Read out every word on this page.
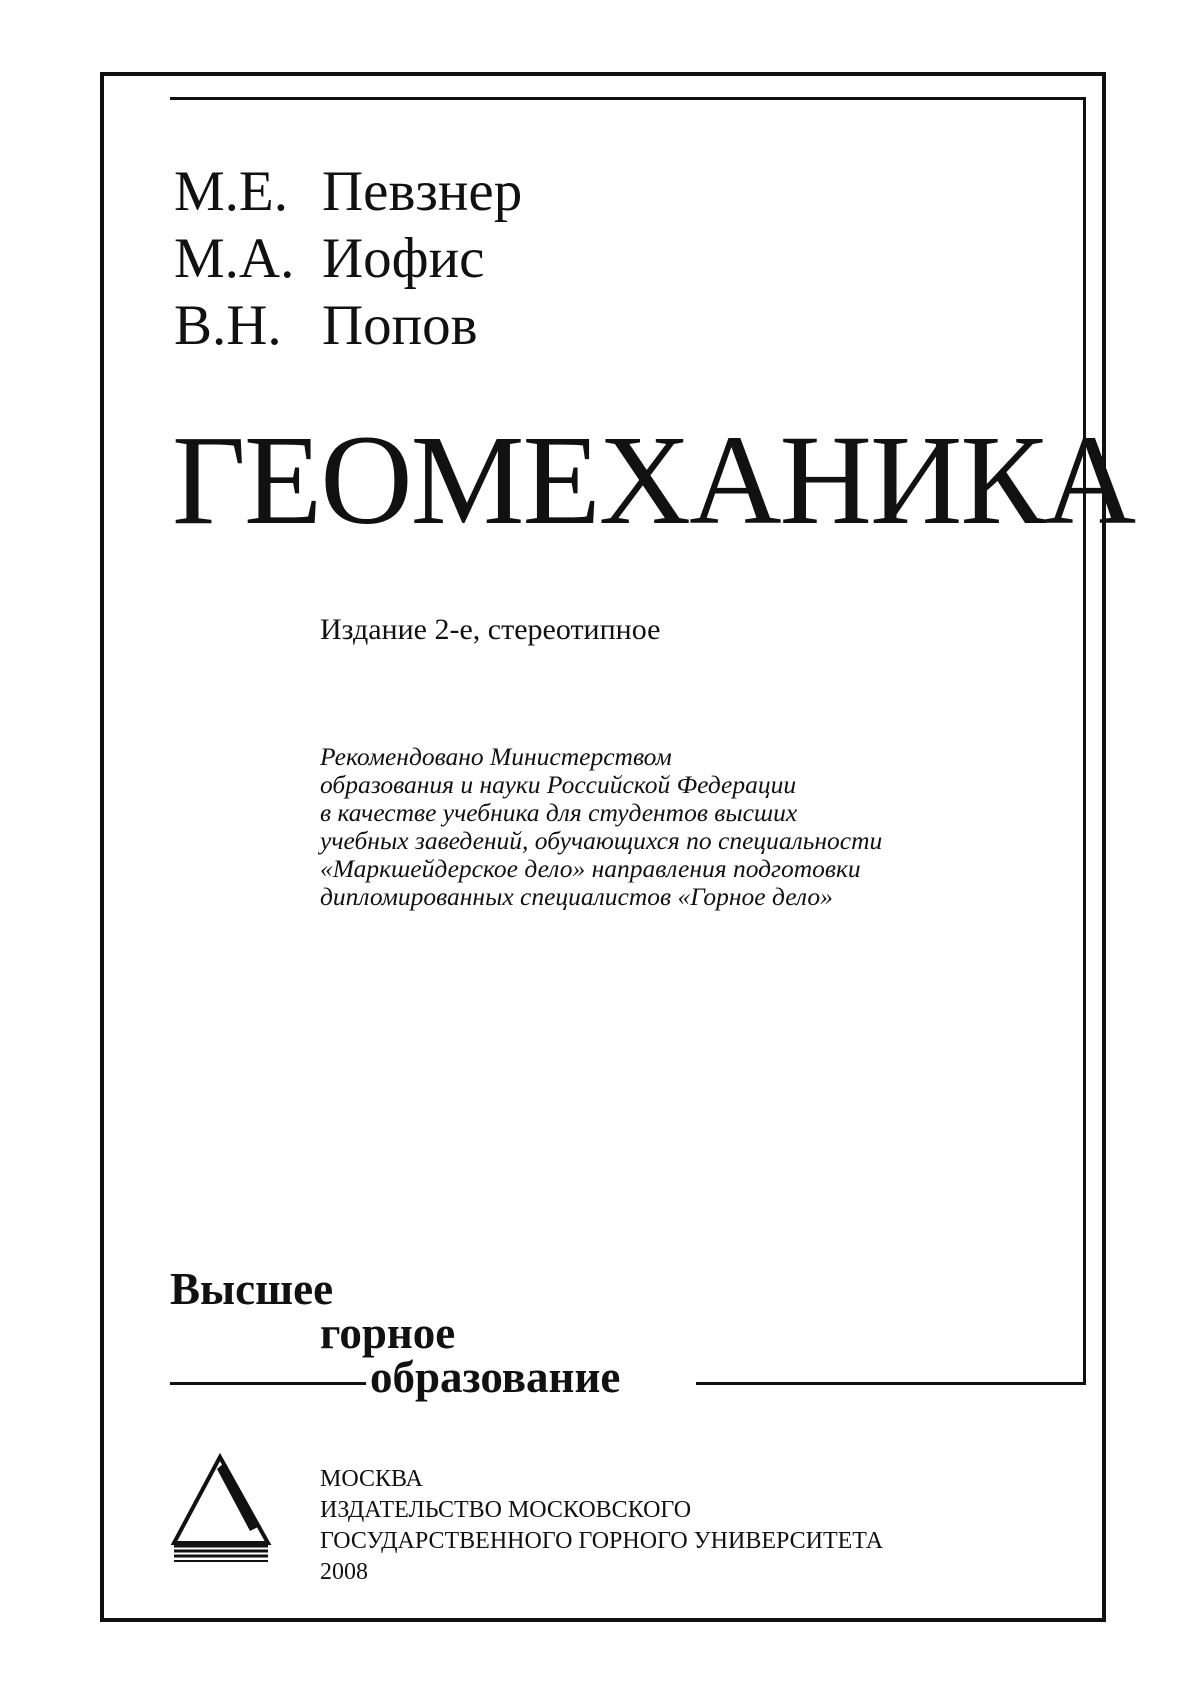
М.Е. Певзнер
М.А. Иофис
В.Н. Попов
ГЕОМЕХАНИКА
Издание 2-е, стереотипное
Рекомендовано Министерством
образования и науки Российской Федерации
в качестве учебника для студентов высших
учебных заведений, обучающихся по специальности
«Маркшейдерское дело» направления подготовки
дипломированных специалистов «Горное дело»
Высшее
горное
образование
МОСКВА
ИЗДАТЕЛЬСТВО МОСКОВСКОГО
ГОСУДАРСТВЕННОГО ГОРНОГО УНИВЕРСИТЕТА
2008
